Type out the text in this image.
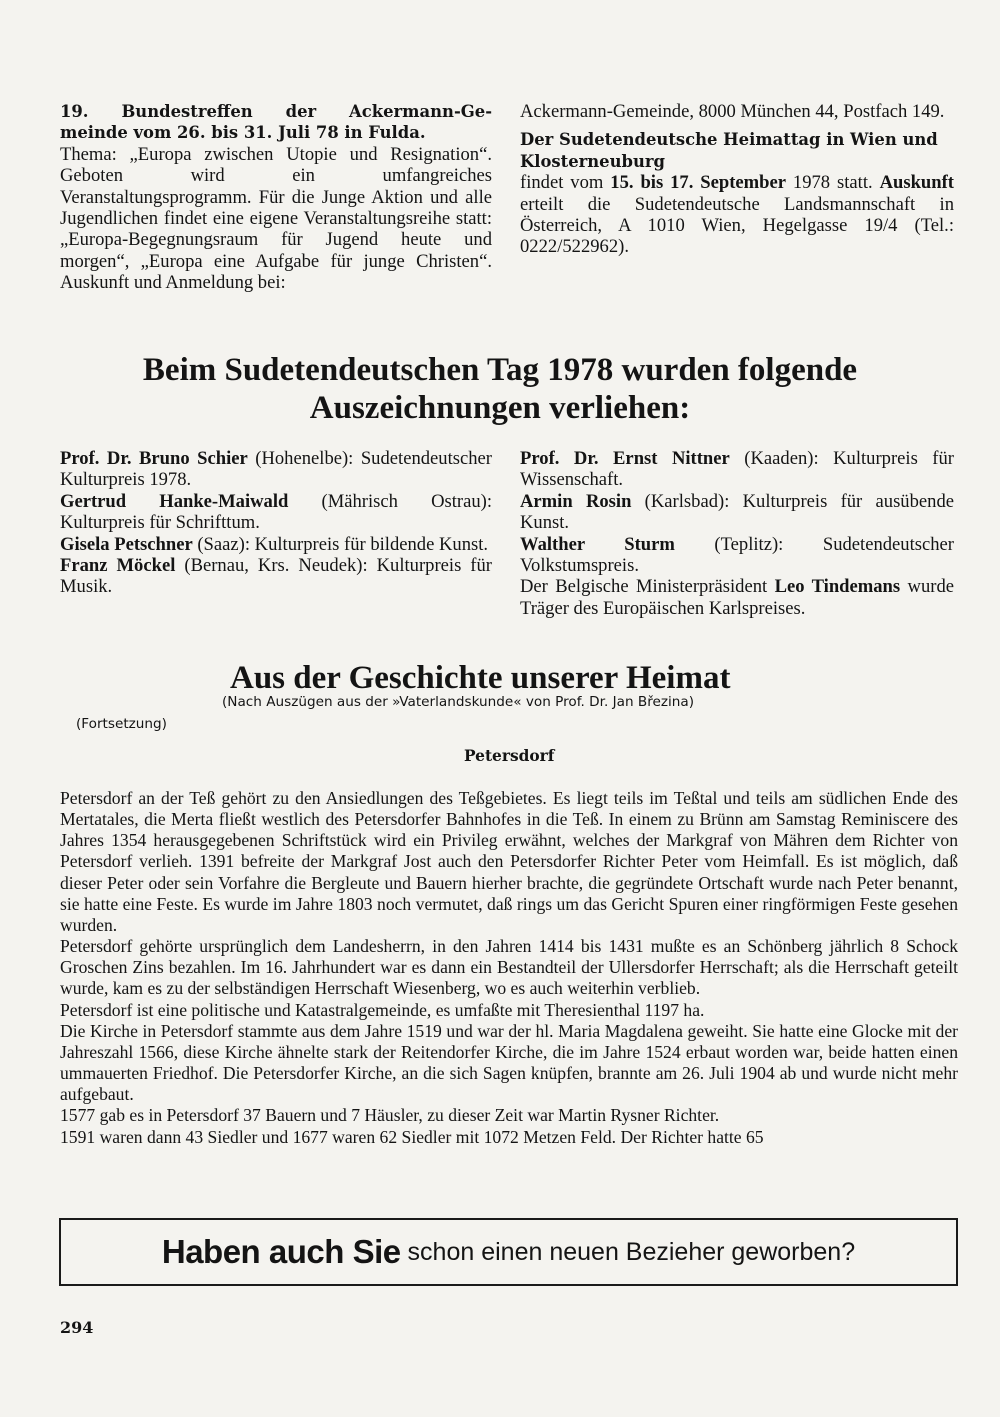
19. Bundestreffen der Ackermann-Ge-
meinde vom 26. bis 31. Juli 78 in Fulda.

Thema: „Europa zwischen Utopie und Resignation“. Geboten wird ein umfangreiches Veranstaltungsprogramm. Für die Junge Aktion und alle Jugendlichen findet eine eigene Veranstaltungsreihe statt: „Europa-Begegnungsraum für Jugend heute und morgen“, „Europa eine Aufgabe für junge Christen“. Auskunft und Anmeldung bei:

Ackermann-Gemeinde, 8000 München 44, Postfach 149.

Der Sudetendeutsche Heimattag in Wien und Klosterneuburg

findet vom 15. bis 17. September 1978 statt. Auskunft erteilt die Sudetendeutsche Landsmannschaft in Österreich, A 1010 Wien, Hegelgasse 19/4 (Tel.: 0222/522962).

Beim Sudetendeutschen Tag 1978 wurden folgende
Auszeichnungen verliehen:

Prof. Dr. Bruno Schier (Hohenelbe): Sudetendeutscher Kulturpreis 1978.

Gertrud Hanke-Maiwald (Mährisch Ostrau): Kulturpreis für Schrifttum.

Gisela Petschner (Saaz): Kulturpreis für bildende Kunst.

Franz Möckel (Bernau, Krs. Neudek): Kulturpreis für Musik.

Prof. Dr. Ernst Nittner (Kaaden): Kulturpreis für Wissenschaft.

Armin Rosin (Karlsbad): Kulturpreis für ausübende Kunst.

Walther Sturm (Teplitz): Sudetendeutscher Volkstumspreis.

Der Belgische Ministerpräsident Leo Tindemans wurde Träger des Europäischen Karlspreises.

Aus der Geschichte unserer Heimat
(Nach Auszügen aus der »Vaterlandskunde« von Prof. Dr. Jan Březina)
(Fortsetzung)
Petersdorf

Petersdorf an der Teß gehört zu den Ansiedlungen des Teßgebietes. Es liegt teils im Teßtal und teils am südlichen Ende des Mertatales, die Merta fließt westlich des Petersdorfer Bahnhofes in die Teß. In einem zu Brünn am Samstag Reminiscere des Jahres 1354 herausgegebenen Schriftstück wird ein Privileg erwähnt, welches der Markgraf von Mähren dem Richter von Petersdorf verlieh. 1391 befreite der Markgraf Jost auch den Petersdorfer Richter Peter vom Heimfall. Es ist möglich, daß dieser Peter oder sein Vorfahre die Bergleute und Bauern hierher brachte, die gegründete Ortschaft wurde nach Peter benannt, sie hatte eine Feste. Es wurde im Jahre 1803 noch vermutet, daß rings um das Gericht Spuren einer ringförmigen Feste gesehen wurden.

Petersdorf gehörte ursprünglich dem Landesherrn, in den Jahren 1414 bis 1431 mußte es an Schönberg jährlich 8 Schock Groschen Zins bezahlen. Im 16. Jahrhundert war es dann ein Bestandteil der Ullersdorfer Herrschaft; als die Herrschaft geteilt wurde, kam es zu der selbständigen Herrschaft Wiesenberg, wo es auch weiterhin verblieb.

Petersdorf ist eine politische und Katastralgemeinde, es umfaßte mit Theresienthal 1197 ha.

Die Kirche in Petersdorf stammte aus dem Jahre 1519 und war der hl. Maria Magdalena geweiht. Sie hatte eine Glocke mit der Jahreszahl 1566, diese Kirche ähnelte stark der Reitendorfer Kirche, die im Jahre 1524 erbaut worden war, beide hatten einen ummauerten Friedhof. Die Petersdorfer Kirche, an die sich Sagen knüpfen, brannte am 26. Juli 1904 ab und wurde nicht mehr aufgebaut.

1577 gab es in Petersdorf 37 Bauern und 7 Häusler, zu dieser Zeit war Martin Rysner Richter.

1591 waren dann 43 Siedler und 1677 waren 62 Siedler mit 1072 Metzen Feld. Der Richter hatte 65

Haben auch Sie schon einen neuen Bezieher geworben?
294
